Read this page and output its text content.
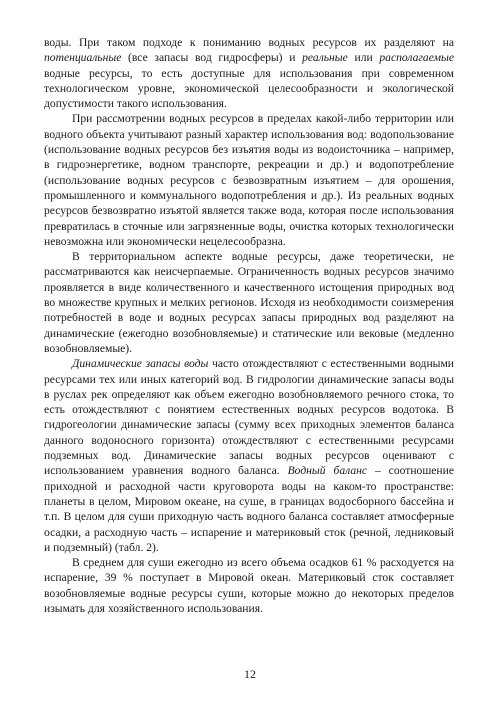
воды. При таком подходе к пониманию водных ресурсов их разделяют на потенциальные (все запасы вод гидросферы) и реальные или располагаемые водные ресурсы, то есть доступные для использования при современном технологическом уровне, экономической целесообразности и экологической допустимости такого использования.

При рассмотрении водных ресурсов в пределах какой-либо территории или водного объекта учитывают разный характер использования вод: водопользование (использование водных ресурсов без изъятия воды из водоисточника – например, в гидроэнергетике, водном транспорте, рекреации и др.) и водопотребление (использование водных ресурсов с безвозвратным изъятием – для орошения, промышленного и коммунального водопотребления и др.). Из реальных водных ресурсов безвозвратно изъятой является также вода, которая после использования превратилась в сточные или загрязненные воды, очистка которых технологически невозможна или экономически нецелесообразна.

В территориальном аспекте водные ресурсы, даже теоретически, не рассматриваются как неисчерпаемые. Ограниченность водных ресурсов значимо проявляется в виде количественного и качественного истощения природных вод во множестве крупных и мелких регионов. Исходя из необходимости соизмерения потребностей в воде и водных ресурсах запасы природных вод разделяют на динамические (ежегодно возобновляемые) и статические или вековые (медленно возобновляемые).

Динамические запасы воды часто отождествляют с естественными водными ресурсами тех или иных категорий вод. В гидрологии динамические запасы воды в руслах рек определяют как объем ежегодно возобновляемого речного стока, то есть отождествляют с понятием естественных водных ресурсов водотока. В гидрогеологии динамические запасы (сумму всех приходных элементов баланса данного водоносного горизонта) отождествляют с естественными ресурсами подземных вод. Динамические запасы водных ресурсов оценивают с использованием уравнения водного баланса. Водный баланс – соотношение приходной и расходной части круговорота воды на каком-то пространстве: планеты в целом, Мировом океане, на суше, в границах водосборного бассейна и т.п. В целом для суши приходную часть водного баланса составляет атмосферные осадки, а расходную часть – испарение и материковый сток (речной, ледниковый и подземный) (табл. 2).

В среднем для суши ежегодно из всего объема осадков 61 % расходуется на испарение, 39 % поступает в Мировой океан. Материковый сток составляет возобновляемые водные ресурсы суши, которые можно до некоторых пределов изымать для хозяйственного использования.

12
